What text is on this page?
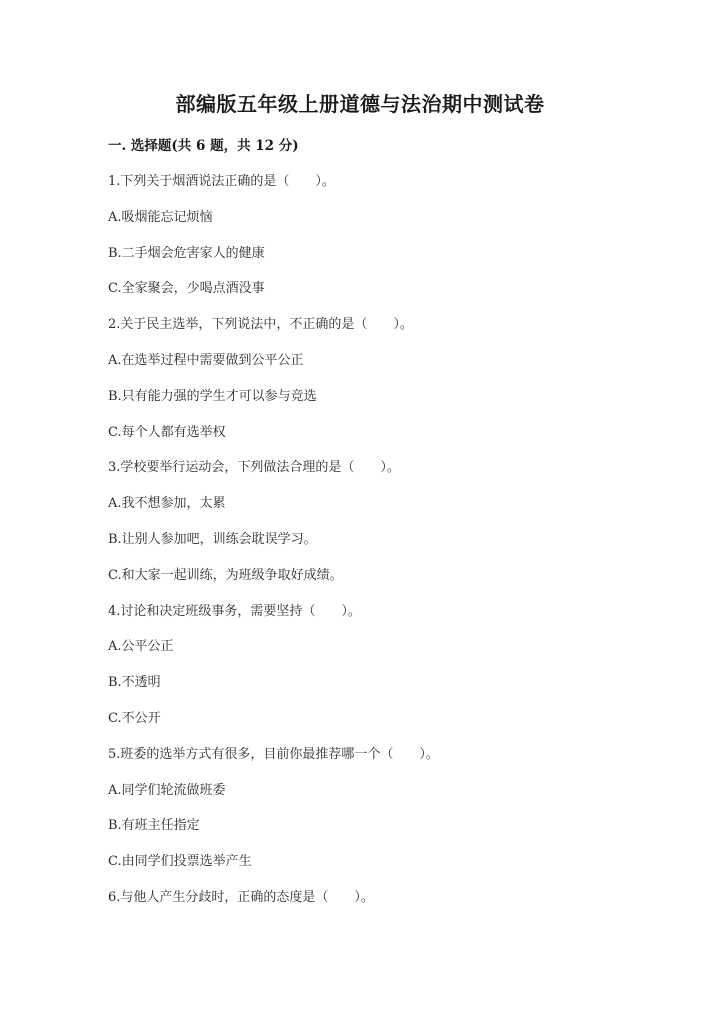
部编版五年级上册道德与法治期中测试卷
一. 选择题(共 6 题，共 12 分)
1.下列关于烟酒说法正确的是（　　）。
A.吸烟能忘记烦恼
B.二手烟会危害家人的健康
C.全家聚会，少喝点酒没事
2.关于民主选举，下列说法中，不正确的是（　　）。
A.在选举过程中需要做到公平公正
B.只有能力强的学生才可以参与竞选
C.每个人都有选举权
3.学校要举行运动会，下列做法合理的是（　　）。
A.我不想参加，太累
B.让别人参加吧，训练会耽误学习。
C.和大家一起训练，为班级争取好成绩。
4.讨论和决定班级事务，需要坚持（　　）。
A.公平公正
B.不透明
C.不公开
5.班委的选举方式有很多，目前你最推荐哪一个（　　）。
A.同学们轮流做班委
B.有班主任指定
C.由同学们投票选举产生
6.与他人产生分歧时，正确的态度是（　　）。
